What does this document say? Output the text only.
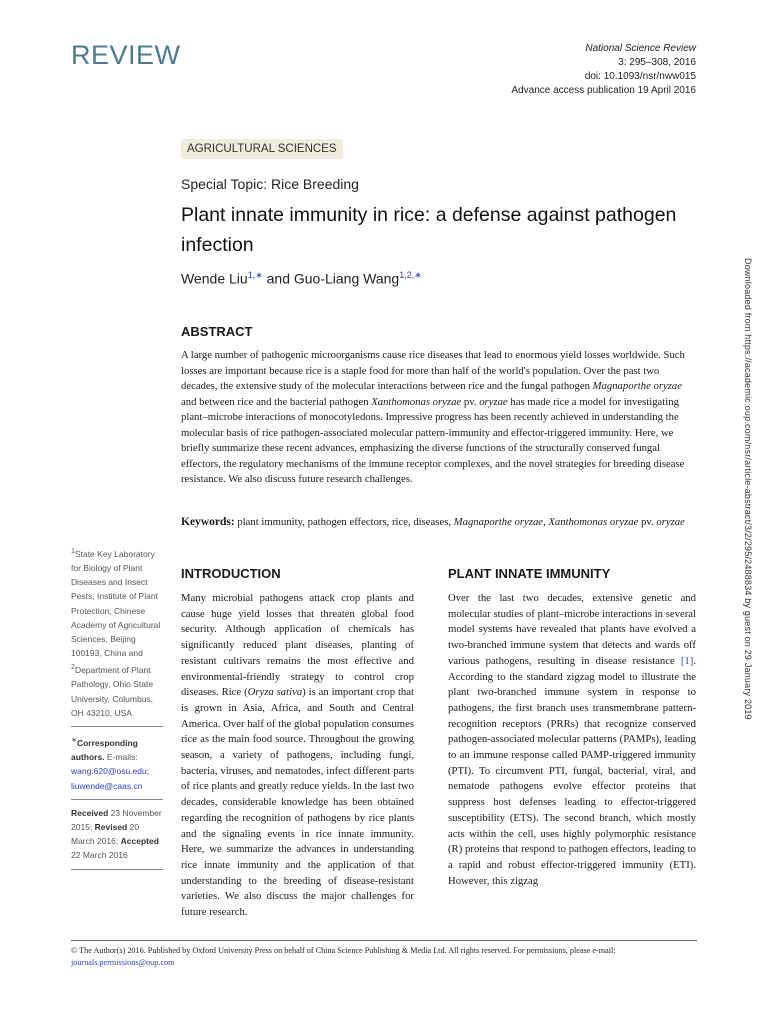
REVIEW	National Science Review
3: 295–308, 2016
doi: 10.1093/nsr/nww015
Advance access publication 19 April 2016
AGRICULTURAL SCIENCES
Special Topic: Rice Breeding
Plant innate immunity in rice: a defense against pathogen infection
Wende Liu$^{1,∗}$ and Guo-Liang Wang$^{1,2,∗}$
ABSTRACT
A large number of pathogenic microorganisms cause rice diseases that lead to enormous yield losses worldwide. Such losses are important because rice is a staple food for more than half of the world's population. Over the past two decades, the extensive study of the molecular interactions between rice and the fungal pathogen Magnaporthe oryzae and between rice and the bacterial pathogen Xanthomonas oryzae pv. oryzae has made rice a model for investigating plant–microbe interactions of monocotyledons. Impressive progress has been recently achieved in understanding the molecular basis of rice pathogen-associated molecular pattern-immunity and effector-triggered immunity. Here, we briefly summarize these recent advances, emphasizing the diverse functions of the structurally conserved fungal effectors, the regulatory mechanisms of the immune receptor complexes, and the novel strategies for breeding disease resistance. We also discuss future research challenges.
Keywords: plant immunity, pathogen effectors, rice, diseases, Magnaporthe oryzae, Xanthomonas oryzae pv. oryzae
$^1$State Key Laboratory for Biology of Plant Diseases and Insect Pests, Institute of Plant Protection, Chinese Academy of Agricultural Sciences, Beijing 100193, China and $^2$Department of Plant Pathology, Ohio State University, Columbus, OH 43210, USA
∗Corresponding authors. E-mails:
wang.620@osu.edu;
liuwende@caas.cn
Received 23 November 2015; Revised 20 March 2016; Accepted 22 March 2016
INTRODUCTION
Many microbial pathogens attack crop plants and cause huge yield losses that threaten global food security. Although application of chemicals has significantly reduced plant diseases, planting of resistant cultivars remains the most effective and environmental-friendly strategy to control crop diseases. Rice (Oryza sativa) is an important crop that is grown in Asia, Africa, and South and Central America. Over half of the global population consumes rice as the main food source. Throughout the growing season, a variety of pathogens, including fungi, bacteria, viruses, and nematodes, infect different parts of rice plants and greatly reduce yields. In the last two decades, considerable knowledge has been obtained regarding the recognition of pathogens by rice plants and the signaling events in rice innate immunity. Here, we summarize the advances in understanding rice innate immunity and the application of that understanding to the breeding of disease-resistant varieties. We also discuss the major challenges for future research.
PLANT INNATE IMMUNITY
Over the last two decades, extensive genetic and molecular studies of plant–microbe interactions in several model systems have revealed that plants have evolved a two-branched immune system that detects and wards off various pathogens, resulting in disease resistance [1]. According to the standard zigzag model to illustrate the plant two-branched immune system in response to pathogens, the first branch uses transmembrane pattern-recognition receptors (PRRs) that recognize conserved pathogen-associated molecular patterns (PAMPs), leading to an immune response called PAMP-triggered immunity (PTI). To circumvent PTI, fungal, bacterial, viral, and nematode pathogens evolve effector proteins that suppress host defenses leading to effector-triggered susceptibility (ETS). The second branch, which mostly acts within the cell, uses highly polymorphic resistance (R) proteins that respond to pathogen effectors, leading to a rapid and robust effector-triggered immunity (ETI). However, this zigzag
© The Author(s) 2016. Published by Oxford University Press on behalf of China Science Publishing & Media Ltd. All rights reserved. For permissions, please e-mail: journals.permissions@oup.com
Downloaded from https://academic.oup.com/nsr/article-abstract/3/2/295/2488834 by guest on 29 January 2019
